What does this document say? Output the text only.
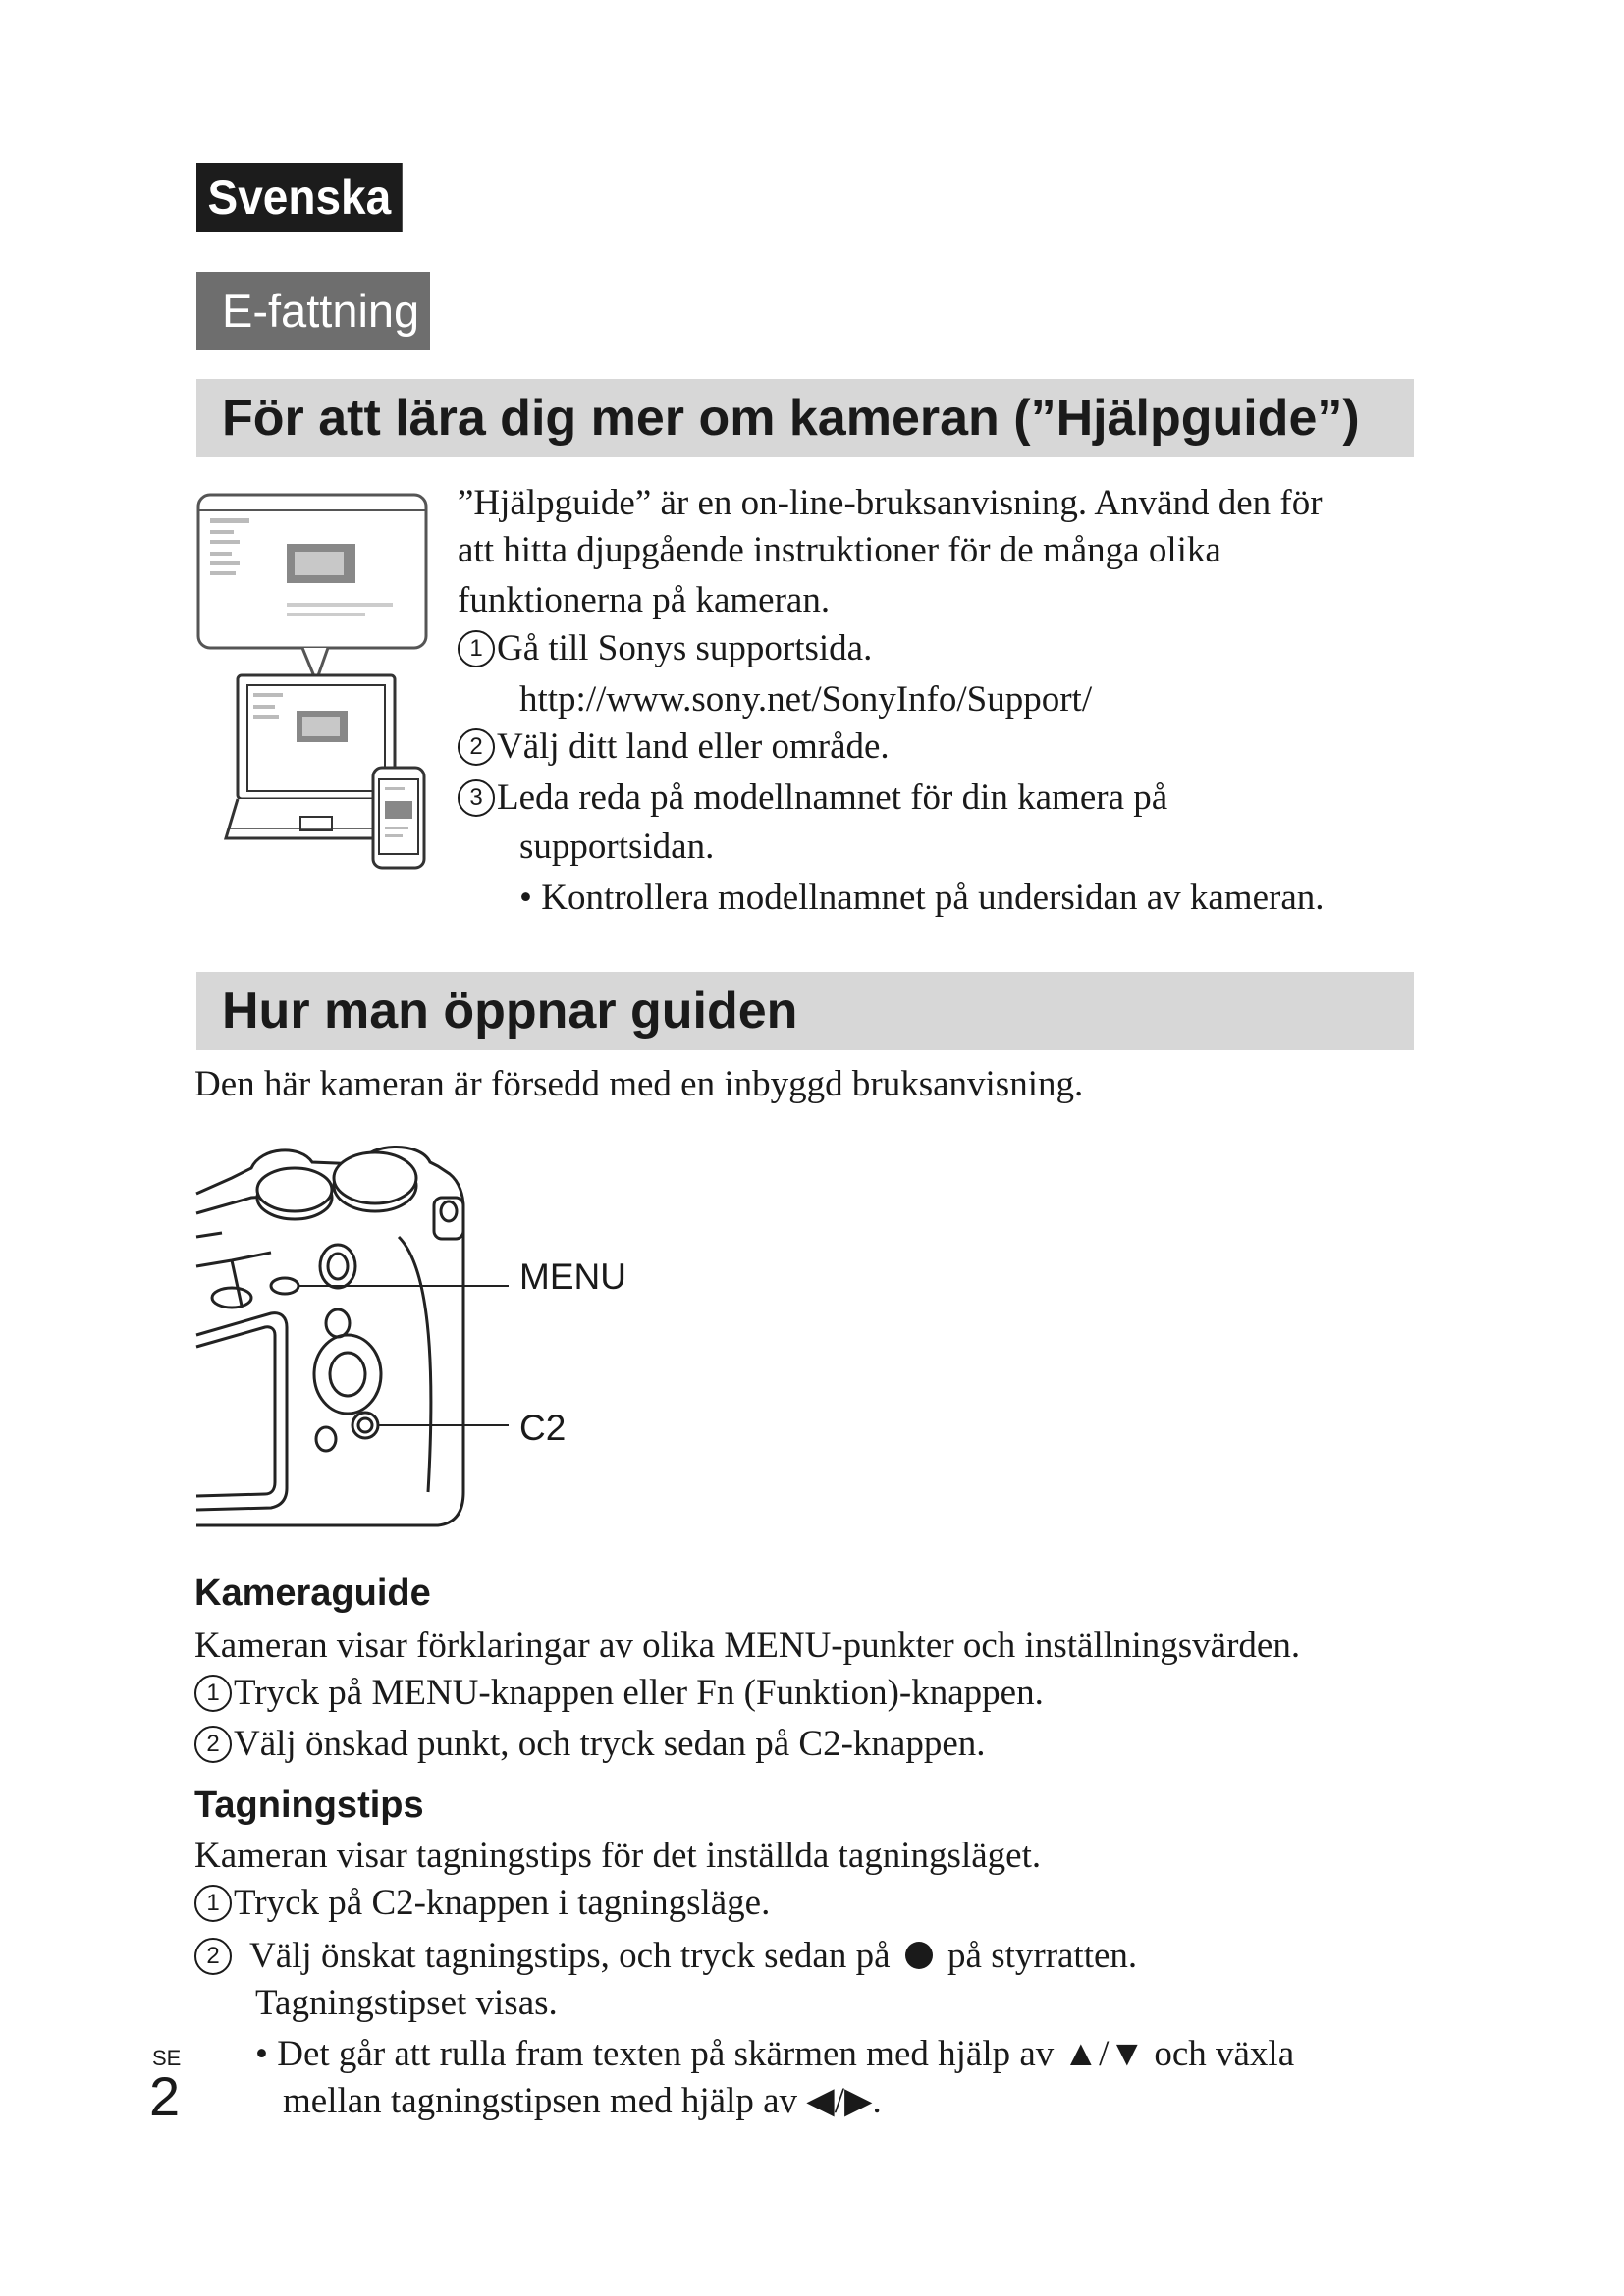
Svenska
E-fattning
För att lära dig mer om kameran (”Hjälpguide”)
”Hjälpguide” är en on-line-bruksanvisning. Använd den för
att hitta djupgående instruktioner för de många olika
funktionerna på kameran.
1 Gå till Sonys supportsida.
http://www.sony.net/SonyInfo/Support/
2 Välj ditt land eller område.
3 Leda reda på modellnamnet för din kamera på
supportsidan.
• Kontrollera modellnamnet på undersidan av kameran.
Hur man öppnar guiden
Den här kameran är försedd med en inbyggd bruksanvisning.
MENU
C2
Kameraguide
Kameran visar förklaringar av olika MENU-punkter och inställningsvärden.
1 Tryck på MENU-knappen eller Fn (Funktion)-knappen.
2 Välj önskad punkt, och tryck sedan på C2-knappen.
Tagningstips
Kameran visar tagningstips för det inställda tagningsläget.
1 Tryck på C2-knappen i tagningsläge.
2 Välj önskat tagningstips, och tryck sedan på på styrratten.
Tagningstipset visas.
• Det går att rulla fram texten på skärmen med hjälp av ▲/▼ och växla
mellan tagningstipsen med hjälp av ◀/▶.
SE
2
